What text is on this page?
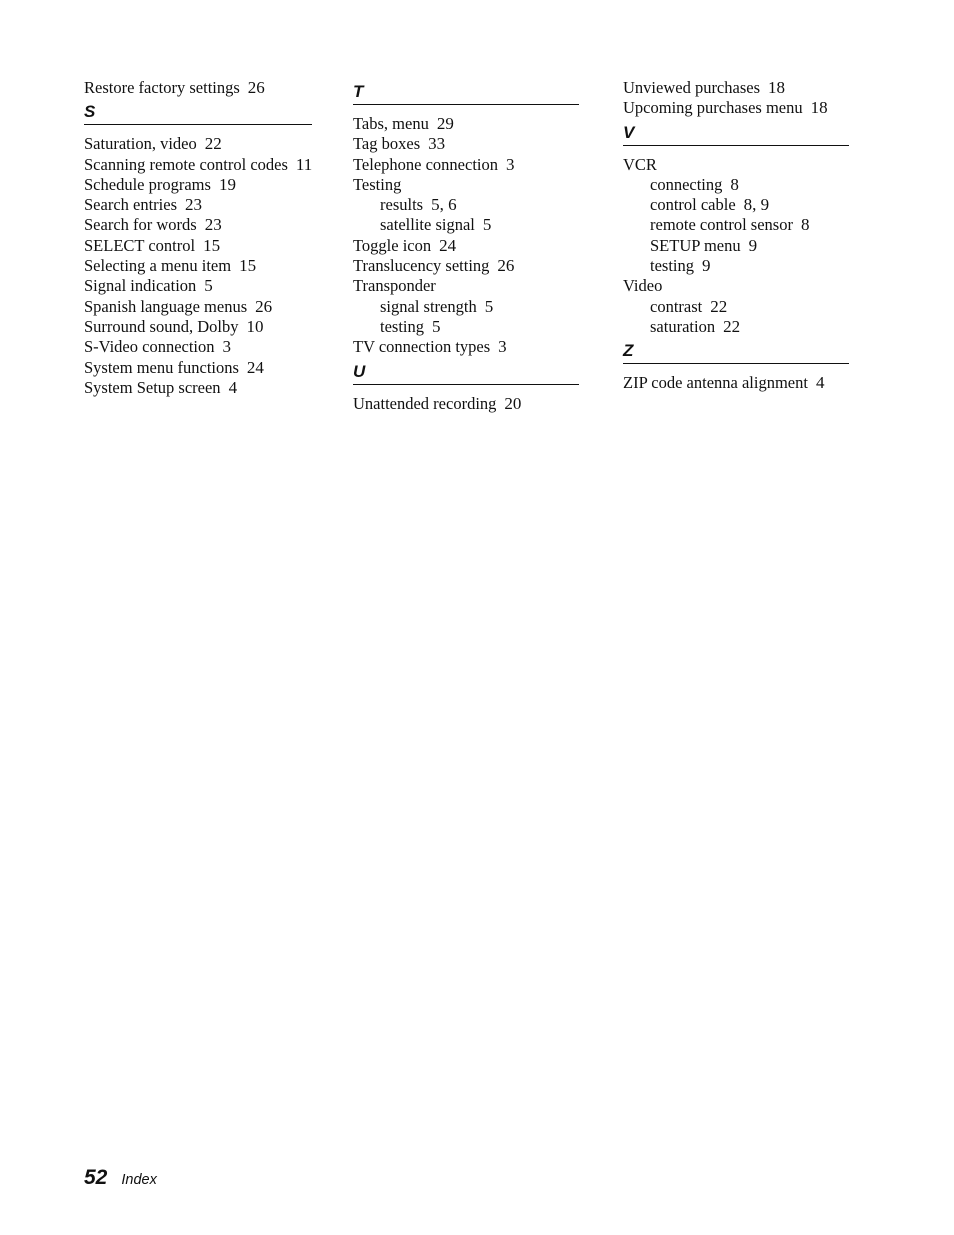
Restore factory settings 26
S
Saturation, video 22
Scanning remote control codes 11
Schedule programs 19
Search entries 23
Search for words 23
SELECT control 15
Selecting a menu item 15
Signal indication 5
Spanish language menus 26
Surround sound, Dolby 10
S-Video connection 3
System menu functions 24
System Setup screen 4
T
Tabs, menu 29
Tag boxes 33
Telephone connection 3
Testing
results 5, 6
satellite signal 5
Toggle icon 24
Translucency setting 26
Transponder
signal strength 5
testing 5
TV connection types 3
U
Unattended recording 20
Unviewed purchases 18
Upcoming purchases menu 18
V
VCR
connecting 8
control cable 8, 9
remote control sensor 8
SETUP menu 9
testing 9
Video
contrast 22
saturation 22
Z
ZIP code antenna alignment 4
52 Index
